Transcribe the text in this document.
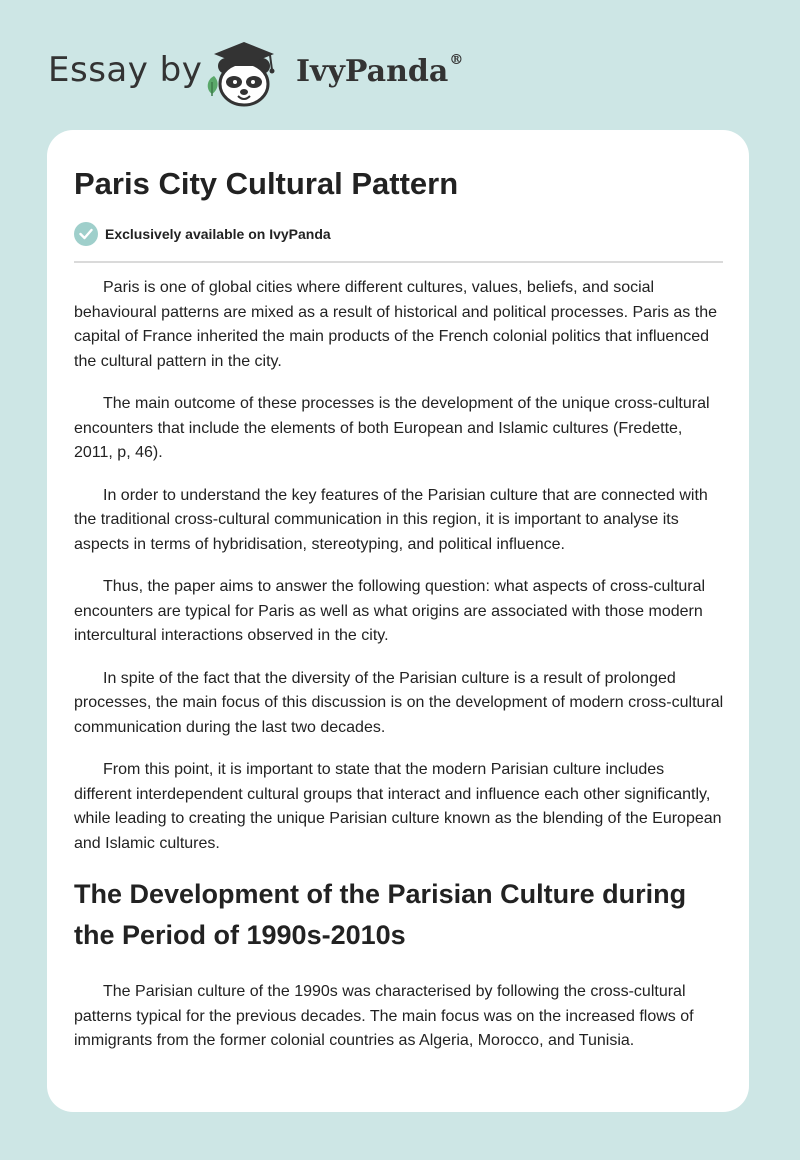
Essay by	IvyPanda®
Paris City Cultural Pattern
Exclusively available on IvyPanda

Paris is one of global cities where different cultures, values, beliefs, and social behavioural patterns are mixed as a result of historical and political processes. Paris as the capital of France inherited the main products of the French colonial politics that influenced the cultural pattern in the city.

The main outcome of these processes is the development of the unique cross-cultural encounters that include the elements of both European and Islamic cultures (Fredette, 2011, p, 46).

In order to understand the key features of the Parisian culture that are connected with the traditional cross-cultural communication in this region, it is important to analyse its aspects in terms of hybridisation, stereotyping, and political influence.

Thus, the paper aims to answer the following question: what aspects of cross-cultural encounters are typical for Paris as well as what origins are associated with those modern intercultural interactions observed in the city.

In spite of the fact that the diversity of the Parisian culture is a result of prolonged processes, the main focus of this discussion is on the development of modern cross-cultural communication during the last two decades.

From this point, it is important to state that the modern Parisian culture includes different interdependent cultural groups that interact and influence each other significantly, while leading to creating the unique Parisian culture known as the blending of the European and Islamic cultures.

The Development of the Parisian Culture during the Period of 1990s-2010s

The Parisian culture of the 1990s was characterised by following the cross-cultural patterns typical for the previous decades. The main focus was on the increased flows of immigrants from the former colonial countries as Algeria, Morocco, and Tunisia.
